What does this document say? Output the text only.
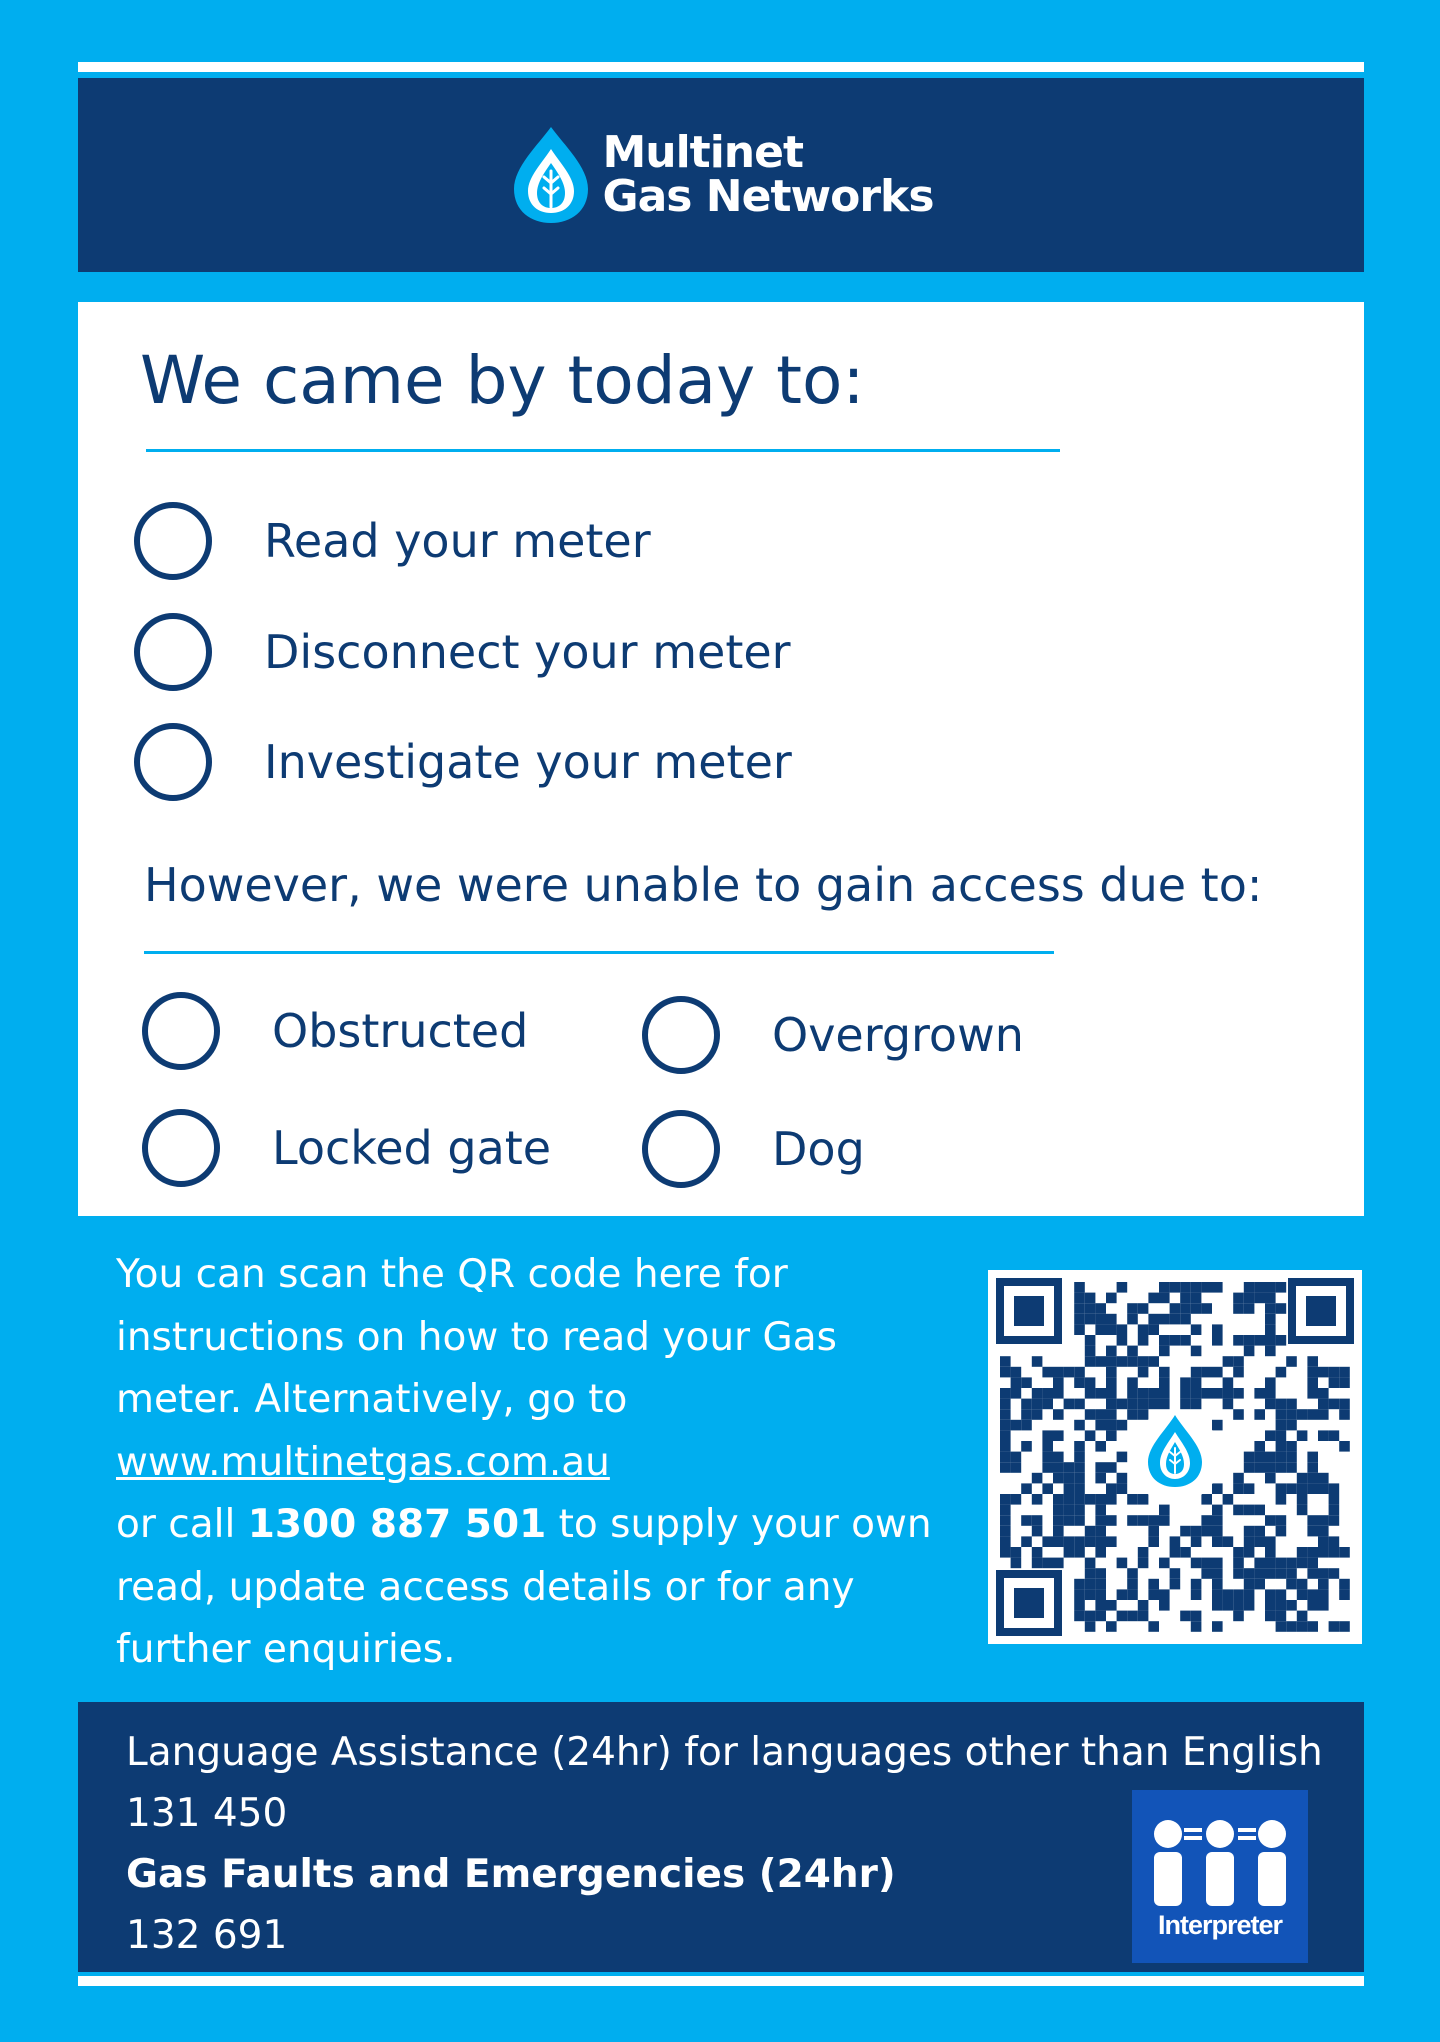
Multinet
Gas Networks
We came by today to:
Read your meter
Disconnect your meter
Investigate your meter
However, we were unable to gain access due to:
Obstructed	Overgrown
Locked gate	Dog

You can scan the QR code here for instructions on how to read your Gas meter. Alternatively, go to
www.multinetgas.com.au
or call 1300 887 501 to supply your own read, update access details or for any further enquiries.

Language Assistance (24hr) for languages other than English
131 450
Gas Faults and Emergencies (24hr)
132 691	Interpreter
